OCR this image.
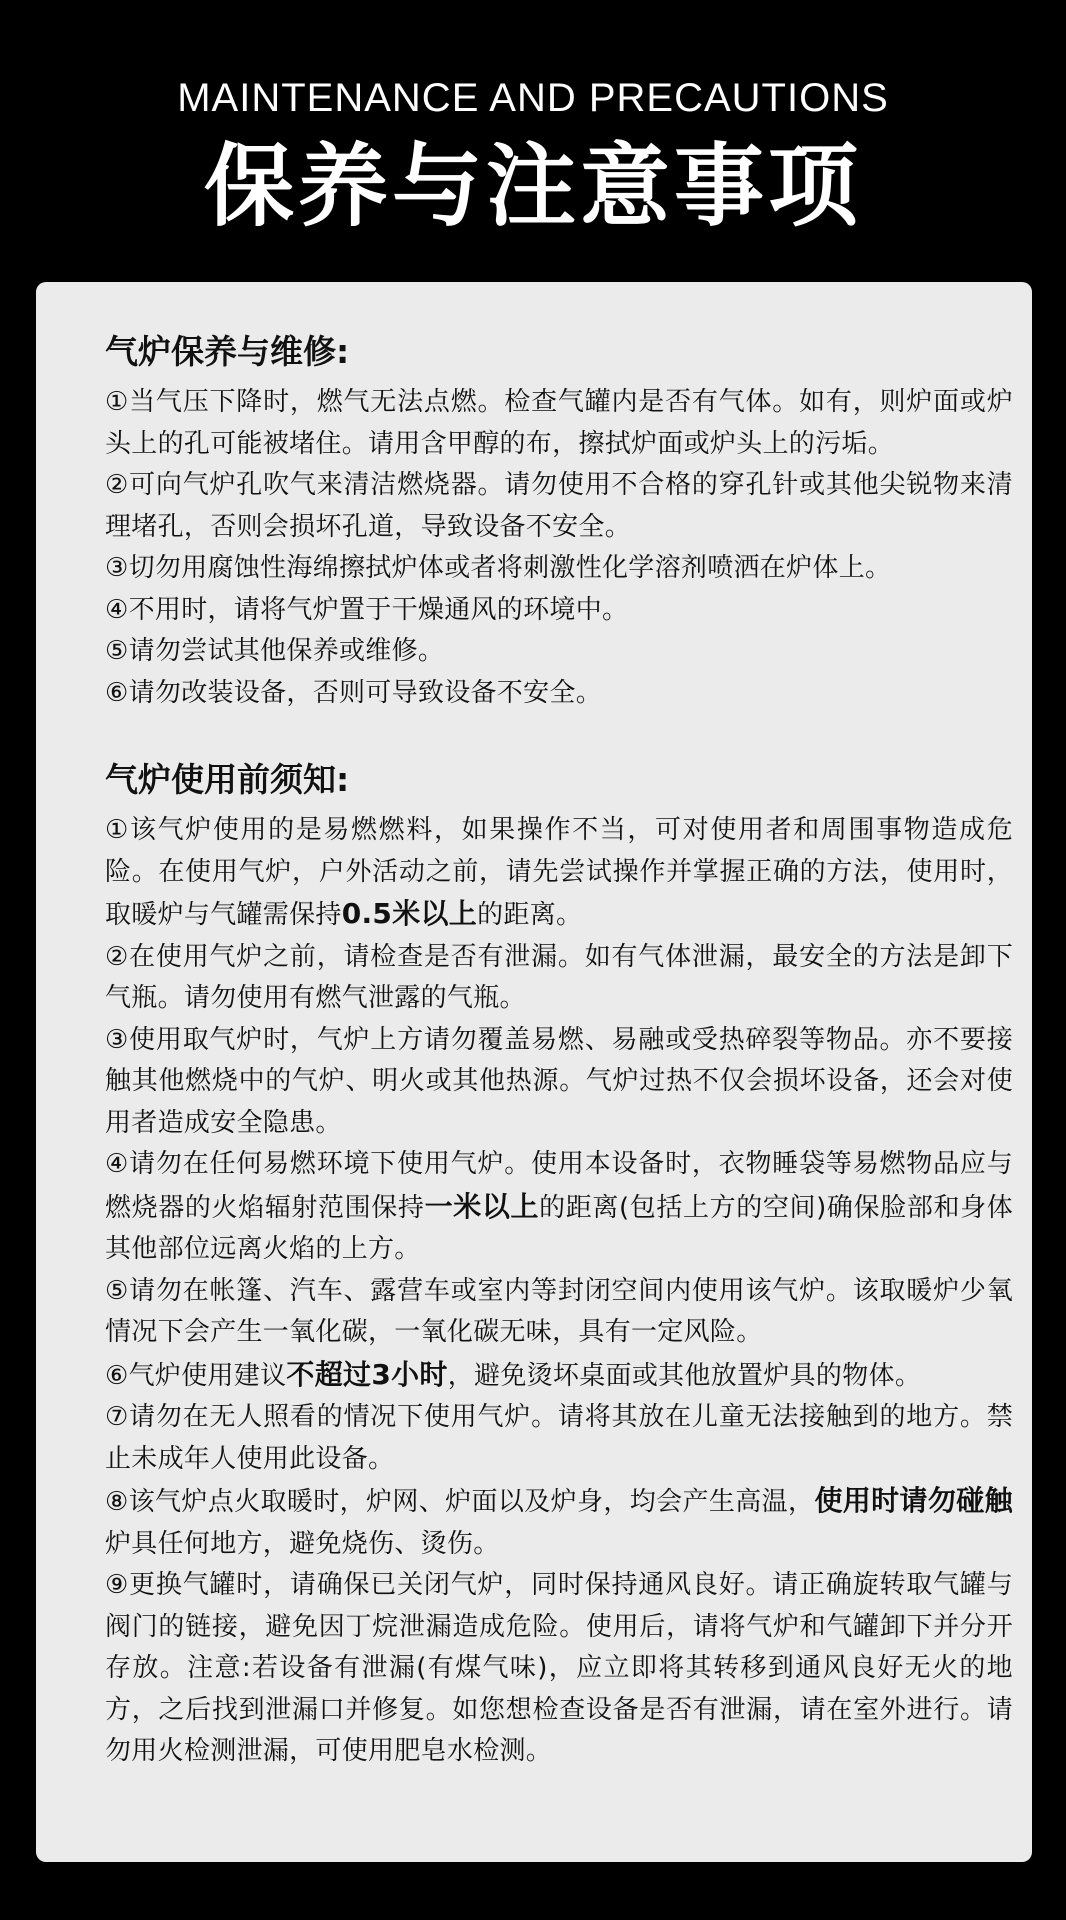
MAINTENANCE AND PRECAUTIONS
保养与注意事项
气炉保养与维修:

①当气压下降时，燃气无法点燃。检查气罐内是否有气体。如有，则炉面或炉头上的孔可能被堵住。请用含甲醇的布，擦拭炉面或炉头上的污垢。

②可向气炉孔吹气来清洁燃烧器。请勿使用不合格的穿孔针或其他尖锐物来清理堵孔，否则会损坏孔道，导致设备不安全。

③切勿用腐蚀性海绵擦拭炉体或者将刺激性化学溶剂喷洒在炉体上。

④不用时，请将气炉置于干燥通风的环境中。

⑤请勿尝试其他保养或维修。

⑥请勿改装设备，否则可导致设备不安全。

气炉使用前须知:

①该气炉使用的是易燃燃料，如果操作不当，可对使用者和周围事物造成危险。在使用气炉，户外活动之前，请先尝试操作并掌握正确的方法，使用时，取暖炉与气罐需保持0.5米以上的距离。

②在使用气炉之前，请检查是否有泄漏。如有气体泄漏，最安全的方法是卸下气瓶。请勿使用有燃气泄露的气瓶。

③使用取气炉时，气炉上方请勿覆盖易燃、易融或受热碎裂等物品。亦不要接触其他燃烧中的气炉、明火或其他热源。气炉过热不仅会损坏设备，还会对使用者造成安全隐患。

④请勿在任何易燃环境下使用气炉。使用本设备时，衣物睡袋等易燃物品应与燃烧器的火焰辐射范围保持一米以上的距离(包括上方的空间)确保脸部和身体其他部位远离火焰的上方。

⑤请勿在帐篷、汽车、露营车或室内等封闭空间内使用该气炉。该取暖炉少氧情况下会产生一氧化碳，一氧化碳无味，具有一定风险。

⑥气炉使用建议不超过3小时，避免烫坏桌面或其他放置炉具的物体。

⑦请勿在无人照看的情况下使用气炉。请将其放在儿童无法接触到的地方。禁止未成年人使用此设备。

⑧该气炉点火取暖时，炉网、炉面以及炉身，均会产生高温，使用时请勿碰触炉具任何地方，避免烧伤、烫伤。

⑨更换气罐时，请确保已关闭气炉，同时保持通风良好。请正确旋转取气罐与阀门的链接，避免因丁烷泄漏造成危险。使用后，请将气炉和气罐卸下并分开存放。注意:若设备有泄漏(有煤气味)，应立即将其转移到通风良好无火的地方，之后找到泄漏口并修复。如您想检查设备是否有泄漏，请在室外进行。请勿用火检测泄漏，可使用肥皂水检测。
